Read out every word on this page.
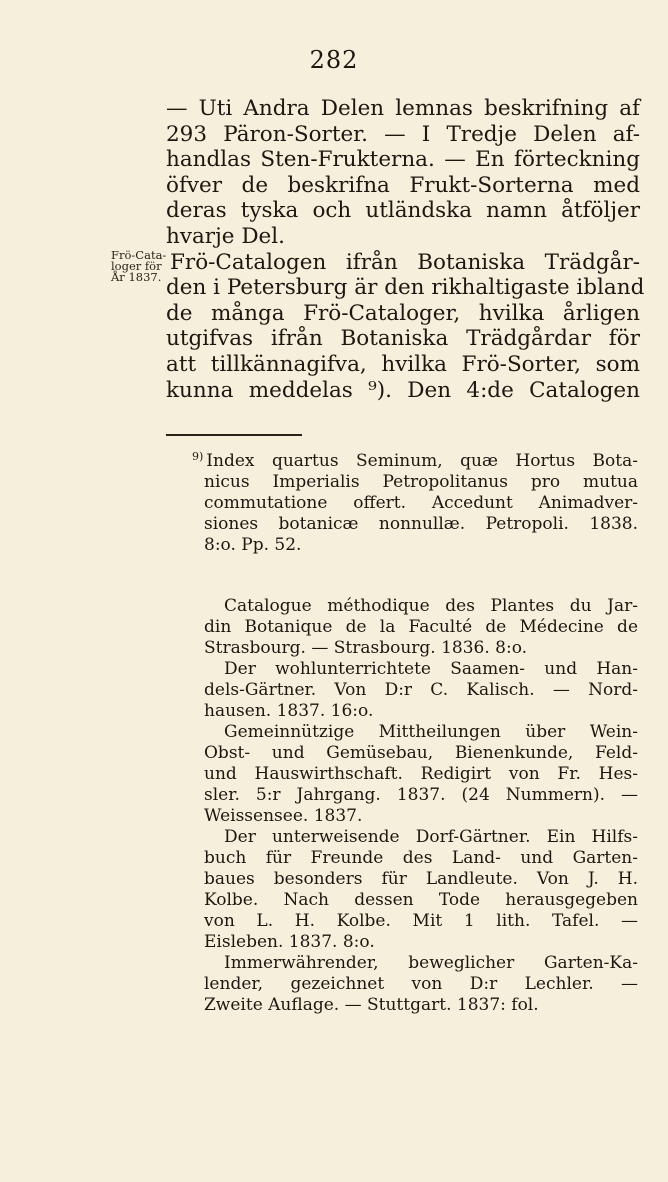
282
— Uti Andra Delen lemnas beskrifning af
293 Päron-Sorter. — I Tredje Delen af-
handlas Sten-Frukterna. — En förteckning
öfver de beskrifna Frukt-Sorterna med
deras tyska och utländska namn åtföljer
hvarje Del.
Frö-Catalogen ifrån Botaniska Trädgår-
den i Petersburg är den rikhaltigaste ibland
de många Frö-Cataloger, hvilka årligen
utgifvas ifrån Botaniska Trädgårdar för
att tillkännagifva, hvilka Frö-Sorter, som
kunna meddelas ⁹). Den 4:de Catalogen
Frö-Cata-
loger för
År 1837.
$^{9)}$ Index quartus Seminum, quæ Hortus Bota-
nicus Imperialis Petropolitanus pro mutua
commutatione offert. Accedunt Animadver-
siones botanicæ nonnullæ. Petropoli. 1838.
8:o. Pp. 52.
Catalogue méthodique des Plantes du Jar-
din Botanique de la Faculté de Médecine de
Strasbourg. — Strasbourg. 1836. 8:o.
Der wohlunterrichtete Saamen- und Han-
dels-Gärtner. Von D:r C. Kalisch. — Nord-
hausen. 1837. 16:o.
Gemeinnützige Mittheilungen über Wein-
Obst- und Gemüsebau, Bienenkunde, Feld-
und Hauswirthschaft. Redigirt von Fr. Hes-
sler. 5:r Jahrgang. 1837. (24 Nummern). —
Weissensee. 1837.
Der unterweisende Dorf-Gärtner. Ein Hilfs-
buch für Freunde des Land- und Garten-
baues besonders für Landleute. Von J. H.
Kolbe. Nach dessen Tode herausgegeben
von L. H. Kolbe. Mit 1 lith. Tafel. —
Eisleben. 1837. 8:o.
Immerwährender, beweglicher Garten-Ka-
lender, gezeichnet von D:r Lechler. —
Zweite Auflage. — Stuttgart. 1837: fol.
